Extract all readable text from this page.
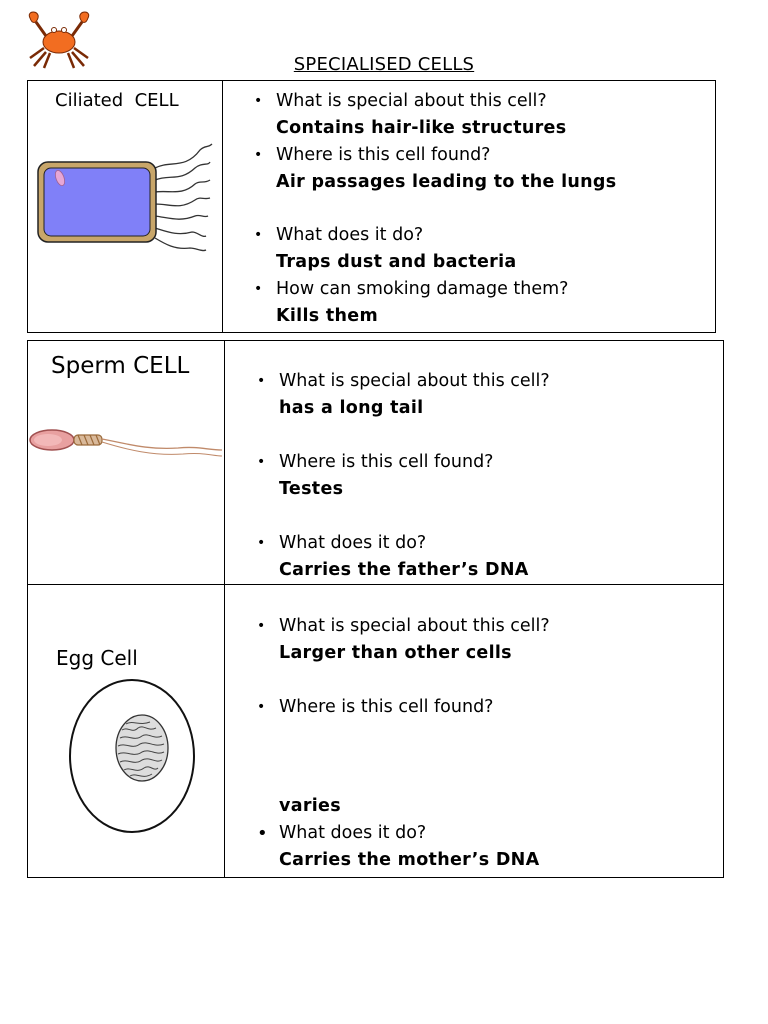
SPECIALISED CELLS
Ciliated  CELL	• What is special about this cell?
Contains hair-like structures
• Where is this cell found?
Air passages leading to the lungs
• What does it do?
Traps dust and bacteria
• How can smoking damage them?
Kills them
Sperm CELL
• What is special about this cell?
has a long tail
• Where is this cell found?
Testes
• What does it do?
Carries the father’s DNA
Egg Cell
• What is special about this cell?
Larger than other cells
• Where is this cell found?
varies
• What does it do?
Carries the mother’s DNA
